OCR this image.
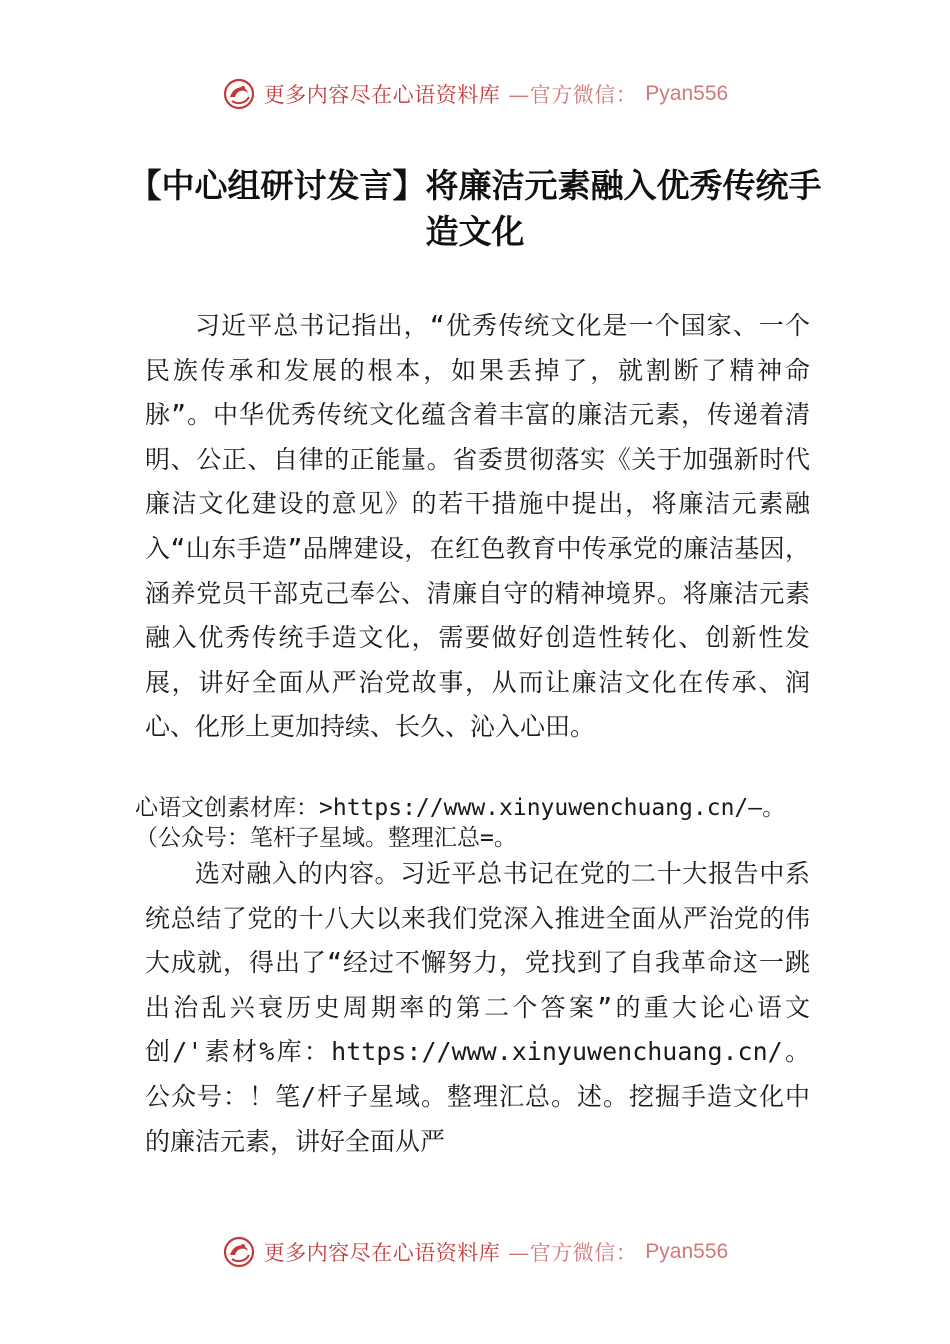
更多内容尽在心语资料库 —官方微信： Pyan556
【中心组研讨发言】将廉洁元素融入优秀传统手造文化

习近平总书记指出，“优秀传统文化是一个国家、一个民族传承和发展的根本，如果丢掉了，就割断了精神命脉”。中华优秀传统文化蕴含着丰富的廉洁元素，传递着清明、公正、自律的正能量。省委贯彻落实《关于加强新时代廉洁文化建设的意见》的若干措施中提出，将廉洁元素融入“山东手造”品牌建设，在红色教育中传承党的廉洁基因，涵养党员干部克己奉公、清廉自守的精神境界。将廉洁元素融入优秀传统手造文化，需要做好创造性转化、创新性发展，讲好全面从严治党故事，从而让廉洁文化在传承、润心、化形上更加持续、长久、沁入心田。

心语文创素材库：>https://www.xinyuwenchuang.cn/—。
（公众号：笔杆子星域。整理汇总=。

选对融入的内容。习近平总书记在党的二十大报告中系统总结了党的十八大以来我们党深入推进全面从严治党的伟大成就，得出了“经过不懈努力，党找到了自我革命这一跳出治乱兴衰历史周期率的第二个答案”的重大论心语文创/'素材%库：https://www.xinyuwenchuang.cn/。公众号：！笔/杆子星域。整理汇总。述。挖掘手造文化中的廉洁元素，讲好全面从严

更多内容尽在心语资料库 —官方微信： Pyan556
